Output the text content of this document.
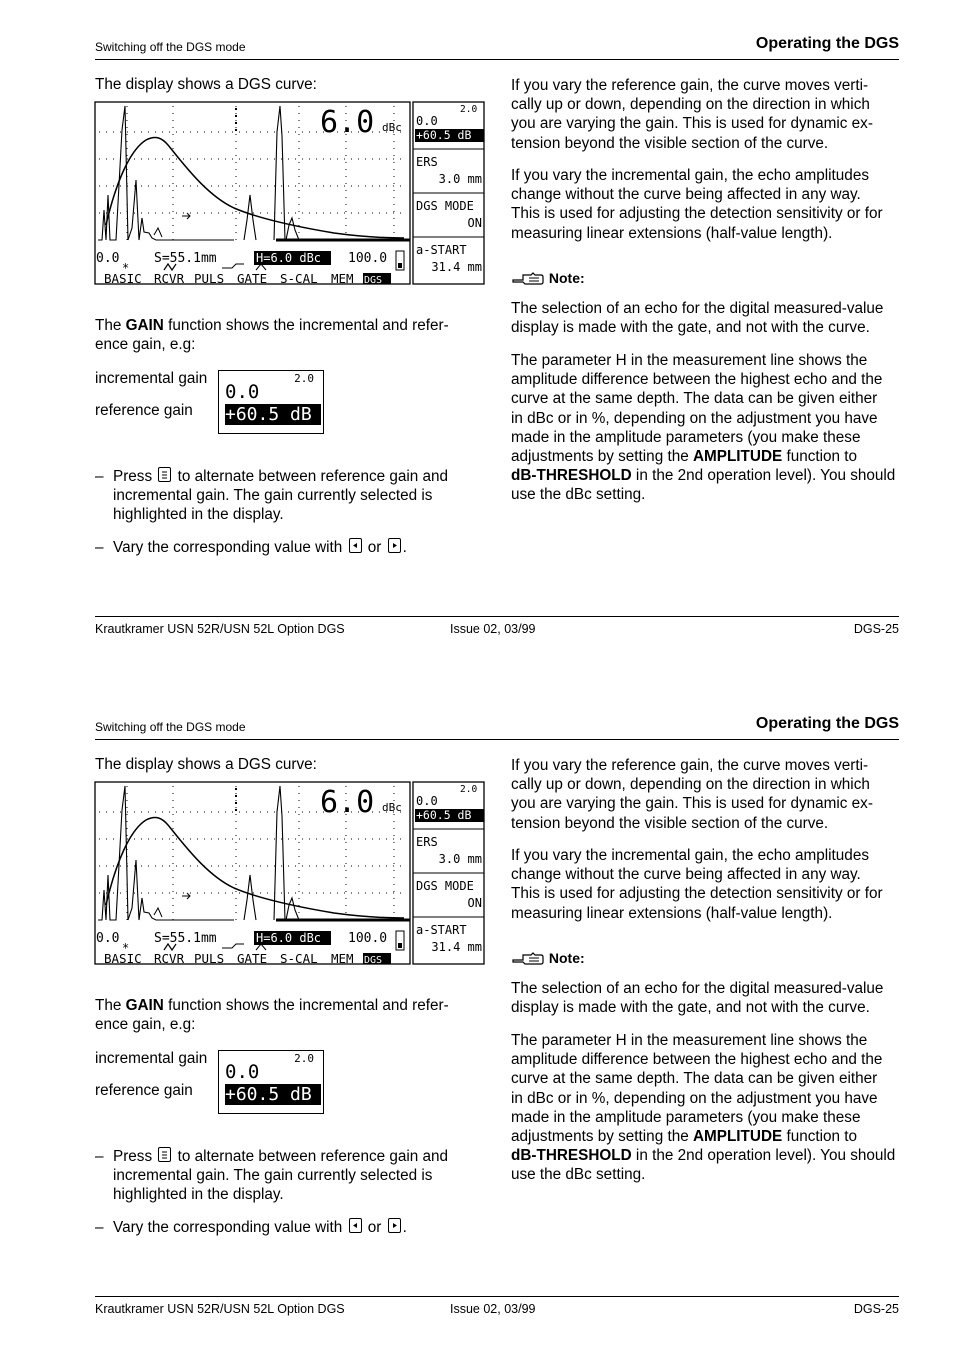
Switching off the DGS mode	Operating the DGS
The display shows a DGS curve:
6.0 dBc
0.0	S=55.1mm	H=6.0 dBc 100.0
*
BASIC RCVR PULS GATE S-CAL MEM DGS
2.0
0.0
+60.5 dB
ERS
3.0 mm
DGS MODE
ON
a-START
31.4 mm
The GAIN function shows the incremental and refer-
ence gain, e.g:
incremental gain
reference gain
2.0
0.0
+60.5 dB
– Press to alternate between reference gain and
incremental gain. The gain currently selected is
highlighted in the display.
– Vary the corresponding value with or .
If you vary the reference gain, the curve moves verti-
cally up or down, depending on the direction in which
you are varying the gain. This is used for dynamic ex-
tension beyond the visible section of the curve.
If you vary the incremental gain, the echo amplitudes
change without the curve being affected in any way.
This is used for adjusting the detection sensitivity or for
measuring linear extensions (half-value length).
Note:
The selection of an echo for the digital measured-value
display is made with the gate, and not with the curve.
The parameter H in the measurement line shows the
amplitude difference between the highest echo and the
curve at the same depth. The data can be given either
in dBc or in %, depending on the adjustment you have
made in the amplitude parameters (you make these
adjustments by setting the AMPLITUDE function to
dB-THRESHOLD in the 2nd operation level). You should
use the dBc setting.
Krautkramer USN 52R/USN 52L Option DGS	Issue 02, 03/99	DGS-25
Switching off the DGS mode	Operating the DGS
The display shows a DGS curve:
6.0 dBc
0.0	S=55.1mm	H=6.0 dBc 100.0
*
BASIC RCVR PULS GATE S-CAL MEM DGS
2.0
0.0
+60.5 dB
ERS
3.0 mm
DGS MODE
ON
a-START
31.4 mm
The GAIN function shows the incremental and refer-
ence gain, e.g:
incremental gain
reference gain
2.0
0.0
+60.5 dB
– Press to alternate between reference gain and
incremental gain. The gain currently selected is
highlighted in the display.
– Vary the corresponding value with or .
If you vary the reference gain, the curve moves verti-
cally up or down, depending on the direction in which
you are varying the gain. This is used for dynamic ex-
tension beyond the visible section of the curve.
If you vary the incremental gain, the echo amplitudes
change without the curve being affected in any way.
This is used for adjusting the detection sensitivity or for
measuring linear extensions (half-value length).
Note:
The selection of an echo for the digital measured-value
display is made with the gate, and not with the curve.
The parameter H in the measurement line shows the
amplitude difference between the highest echo and the
curve at the same depth. The data can be given either
in dBc or in %, depending on the adjustment you have
made in the amplitude parameters (you make these
adjustments by setting the AMPLITUDE function to
dB-THRESHOLD in the 2nd operation level). You should
use the dBc setting.
Krautkramer USN 52R/USN 52L Option DGS	Issue 02, 03/99	DGS-25
